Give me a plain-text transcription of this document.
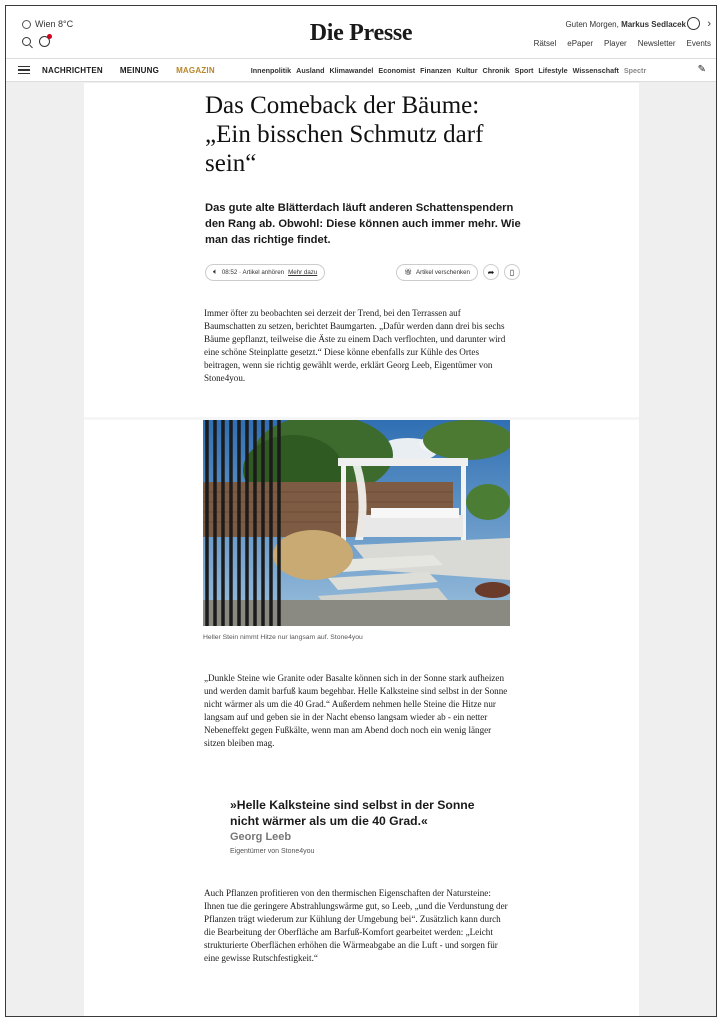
Wien 8°C	Die Presse	Guten Morgen, Markus Sedlacek ›
Rätsel ePaper Player Newsletter Events
NACHRICHTEN MEINUNG MAGAZIN	Innenpolitik Ausland Klimawandel Economist Finanzen Kultur Chronik Sport Lifestyle Wissenschaft Spectr	✎
Das Comeback der Bäume: „Ein bisschen Schmutz darf sein“

Das gute alte Blätterdach läuft anderen Schattenspendern den Rang ab. Obwohl: Diese können auch immer mehr. Wie man das richtige findet.

🔈︎ 08:52 · Artikel anhören Mehr dazu	🎁︎ Artikel verschenken	➦	▯

Immer öfter zu beobachten sei derzeit der Trend, bei den Terrassen auf Baumschatten zu setzen, berichtet Baumgarten. „Dafür werden dann drei bis sechs Bäume gepflanzt, teilweise die Äste zu einem Dach verflochten, und darunter wird eine schöne Steinplatte gesetzt.“ Diese könne ebenfalls zur Kühle des Ortes beitragen, wenn sie richtig gewählt werde, erklärt Georg Leeb, Eigentümer von Stone4you.

Heller Stein nimmt Hitze nur langsam auf. Stone4you

„Dunkle Steine wie Granite oder Basalte können sich in der Sonne stark aufheizen und werden damit barfuß kaum begehbar. Helle Kalksteine sind selbst in der Sonne nicht wärmer als um die 40 Grad.“ Außerdem nehmen helle Steine die Hitze nur langsam auf und geben sie in der Nacht ebenso langsam wieder ab - ein netter Nebeneffekt gegen Fußkälte, wenn man am Abend doch noch ein wenig länger sitzen bleiben mag.

»Helle Kalksteine sind selbst in der Sonne nicht wärmer als um die 40 Grad.«

Georg Leeb
Eigentümer von Stone4you

Auch Pflanzen profitieren von den thermischen Eigenschaften der Natursteine: Ihnen tue die geringere Abstrahlungswärme gut, so Leeb, „und die Verdunstung der Pflanzen trägt wiederum zur Kühlung der Umgebung bei“. Zusätzlich kann durch die Bearbeitung der Oberfläche am Barfuß-Komfort gearbeitet werden: „Leicht strukturierte Oberflächen erhöhen die Wärmeabgabe an die Luft - und sorgen für eine gewisse Rutschfestigkeit.“
